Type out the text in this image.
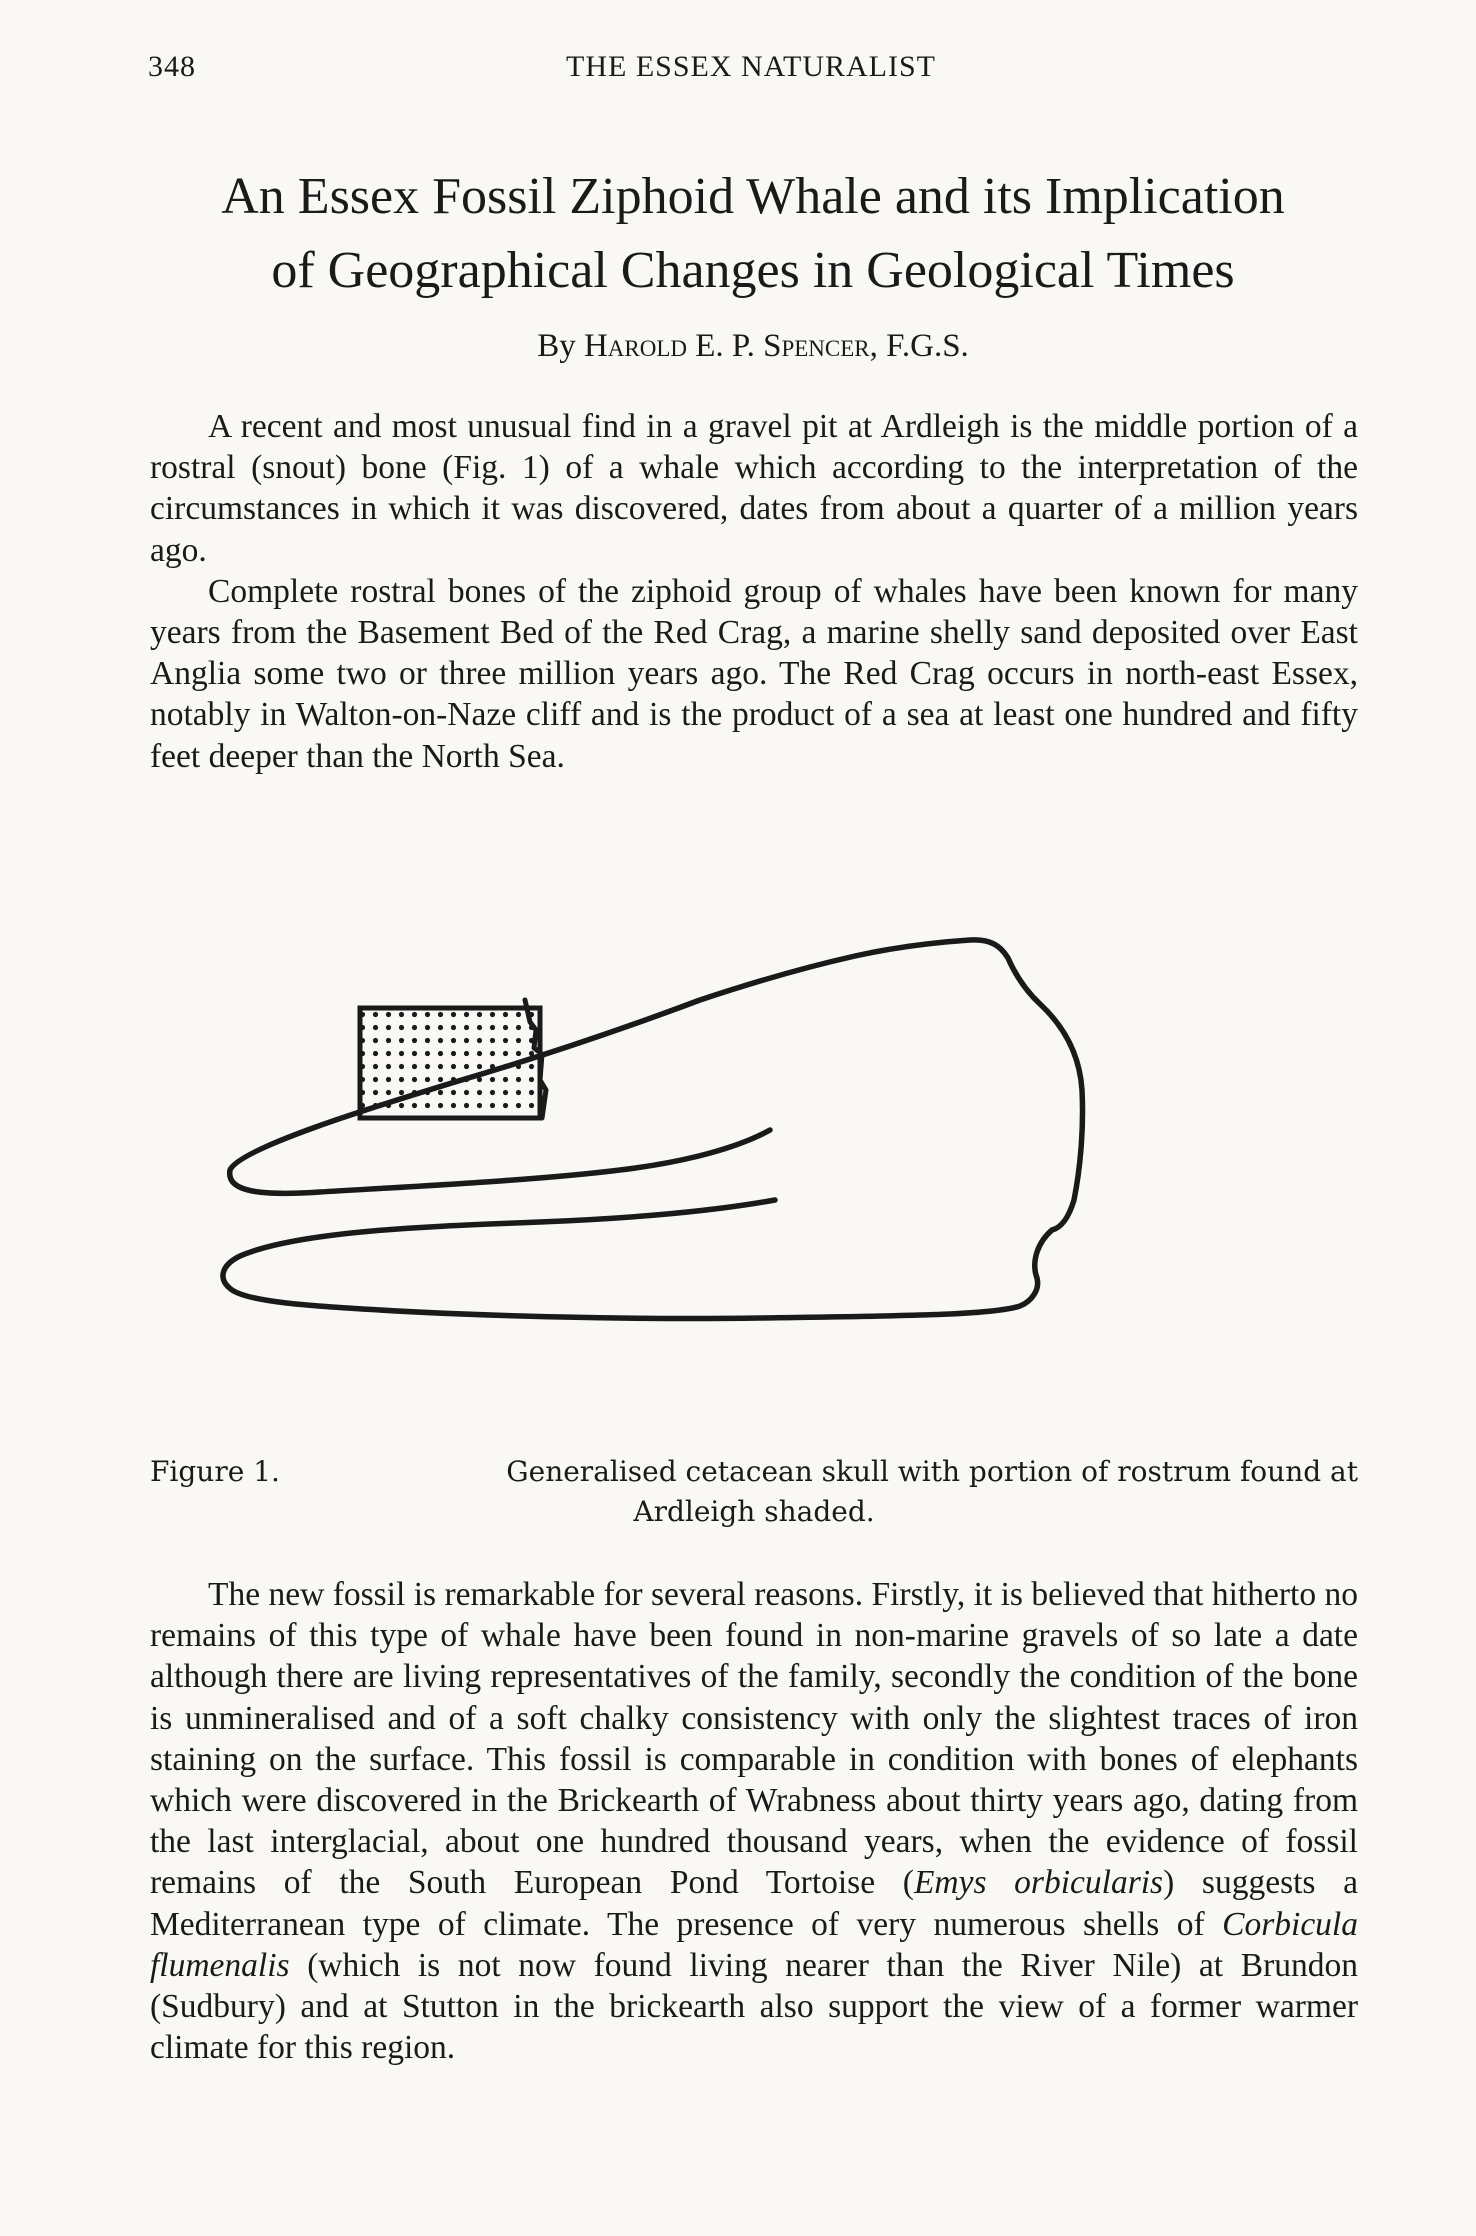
348	THE ESSEX NATURALIST
An Essex Fossil Ziphoid Whale and its Implication
of Geographical Changes in Geological Times
By Harold E. P. Spencer, F.G.S.

A recent and most unusual find in a gravel pit at Ardleigh is the middle portion of a rostral (snout) bone (Fig. 1) of a whale which according to the interpretation of the circumstances in which it was discovered, dates from about a quarter of a million years ago.

Complete rostral bones of the ziphoid group of whales have been known for many years from the Basement Bed of the Red Crag, a marine shelly sand deposited over East Anglia some two or three million years ago. The Red Crag occurs in north-east Essex, notably in Walton-on-Naze cliff and is the product of a sea at least one hundred and fifty feet deeper than the North Sea.

Figure 1.	Generalised cetacean skull with portion of rostrum found at
Ardleigh shaded.

The new fossil is remarkable for several reasons. Firstly, it is believed that hitherto no remains of this type of whale have been found in non-marine gravels of so late a date although there are living representatives of the family, secondly the condition of the bone is unmineralised and of a soft chalky consistency with only the slightest traces of iron staining on the surface. This fossil is comparable in condition with bones of elephants which were discovered in the Brickearth of Wrabness about thirty years ago, dating from the last interglacial, about one hundred thousand years, when the evidence of fossil remains of the South European Pond Tortoise (Emys orbicularis) suggests a Mediterranean type of climate. The presence of very numerous shells of Corbicula flumenalis (which is not now found living nearer than the River Nile) at Brundon (Sudbury) and at Stutton in the brickearth also support the view of a former warmer climate for this region.
